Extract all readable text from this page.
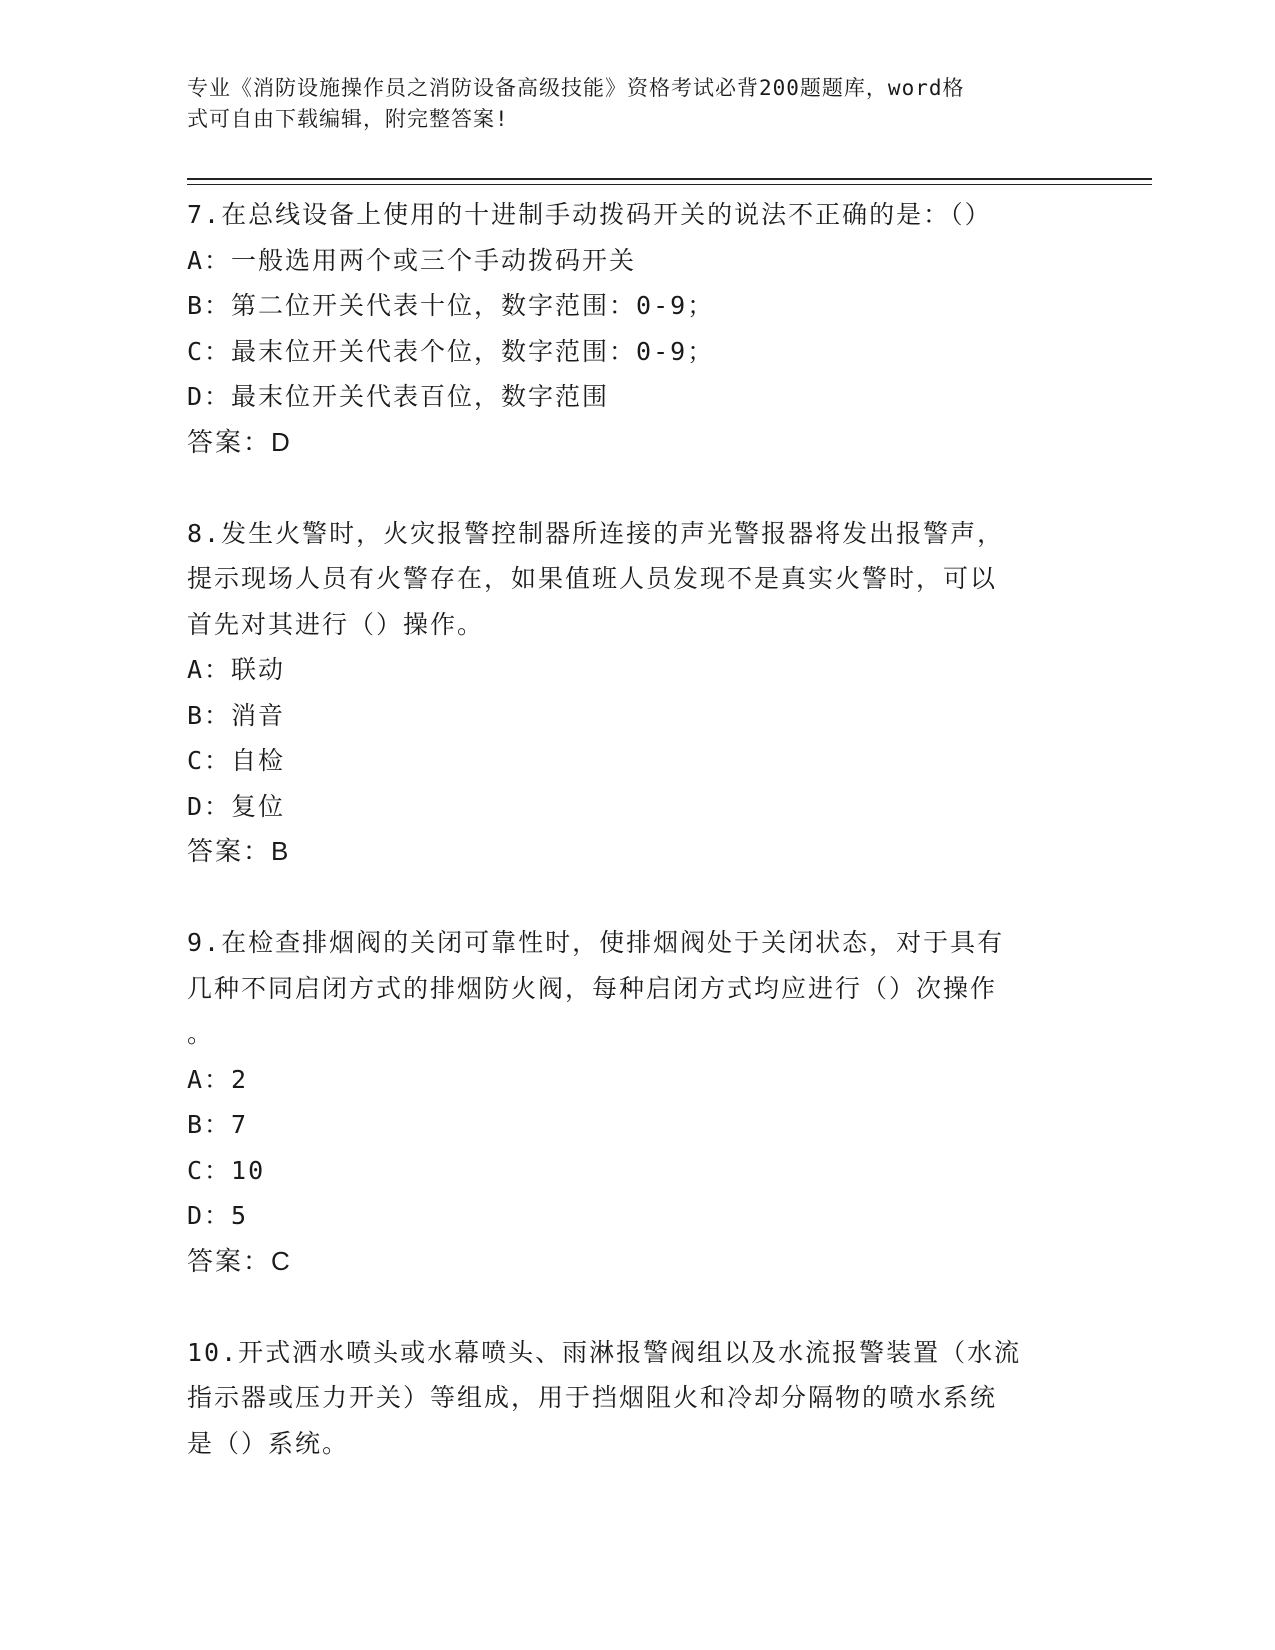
专业《消防设施操作员之消防设备高级技能》资格考试必背200题题库，word格
式可自由下载编辑，附完整答案!
7.在总线设备上使用的十进制手动拨码开关的说法不正确的是：（）
A：一般选用两个或三个手动拨码开关
B：第二位开关代表十位，数字范围：0-9；
C：最末位开关代表个位，数字范围：0-9；
D：最末位开关代表百位，数字范围
答案：D
8.发生火警时，火灾报警控制器所连接的声光警报器将发出报警声，
提示现场人员有火警存在，如果值班人员发现不是真实火警时，可以
首先对其进行（）操作。
A：联动
B：消音
C：自检
D：复位
答案：B
9.在检查排烟阀的关闭可靠性时，使排烟阀处于关闭状态，对于具有
几种不同启闭方式的排烟防火阀，每种启闭方式均应进行（）次操作
。
A：2
B：7
C：10
D：5
答案：C
10.开式洒水喷头或水幕喷头、雨淋报警阀组以及水流报警装置（水流
指示器或压力开关）等组成，用于挡烟阻火和冷却分隔物的喷水系统
是（）系统。
